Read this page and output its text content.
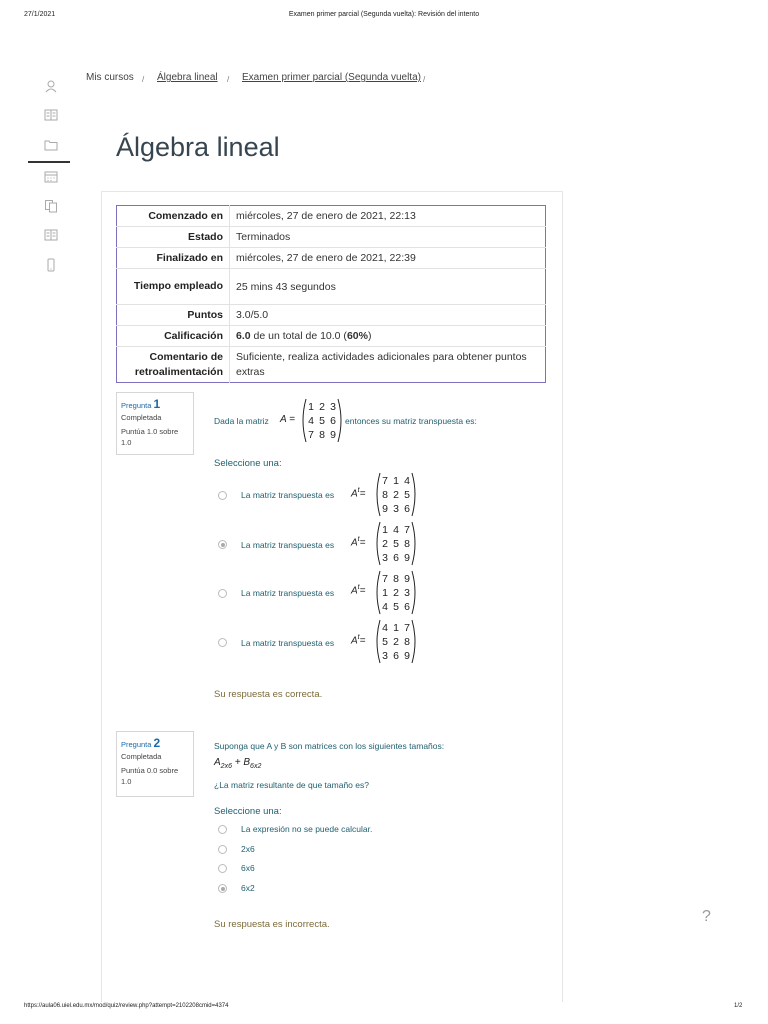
27/1/2021	Examen primer parcial (Segunda vuelta): Revisión del intento
Mis cursos / Álgebra lineal / Examen primer parcial (Segunda vuelta) /
Álgebra lineal
Comenzado en	miércoles, 27 de enero de 2021, 22:13
Estado	Terminados
Finalizado en	miércoles, 27 de enero de 2021, 22:39
Tiempo empleado	25 mins 43 segundos
Puntos	3.0/5.0
Calificación	6.0 de un total de 10.0 (60%)
Comentario de retroalimentación	Suficiente, realiza actividades adicionales para obtener puntos extras
Pregunta 1
Completada
Puntúa 1.0 sobre 1.0
Dada la matriz A =
1 2 3
4 5 6
7 8 9
entonces su matriz transpuesta es:
Seleccione una:
La matriz transpuesta es $A^t=$
7 1 4
8 2 5
9 3 6
La matriz transpuesta es $A^t=$
1 4 7
2 5 8
3 6 9
La matriz transpuesta es $A^t=$
7 8 9
1 2 3
4 5 6
La matriz transpuesta es $A^t=$
4 1 7
5 2 8
3 6 9
Su respuesta es correcta.
Pregunta 2
Completada
Puntúa 0.0 sobre 1.0
Suponga que A y B son matrices con los siguientes tamaños:
$A_{2x6} + B_{6x2}$
¿La matriz resultante de que tamaño es?
Seleccione una:
La expresión no se puede calcular.
2x6
6x6
6x2
Su respuesta es incorrecta.	?
https://aula06.uiel.edu.mx/mod/quiz/review.php?attempt=2102208cmid=4374	1/2
